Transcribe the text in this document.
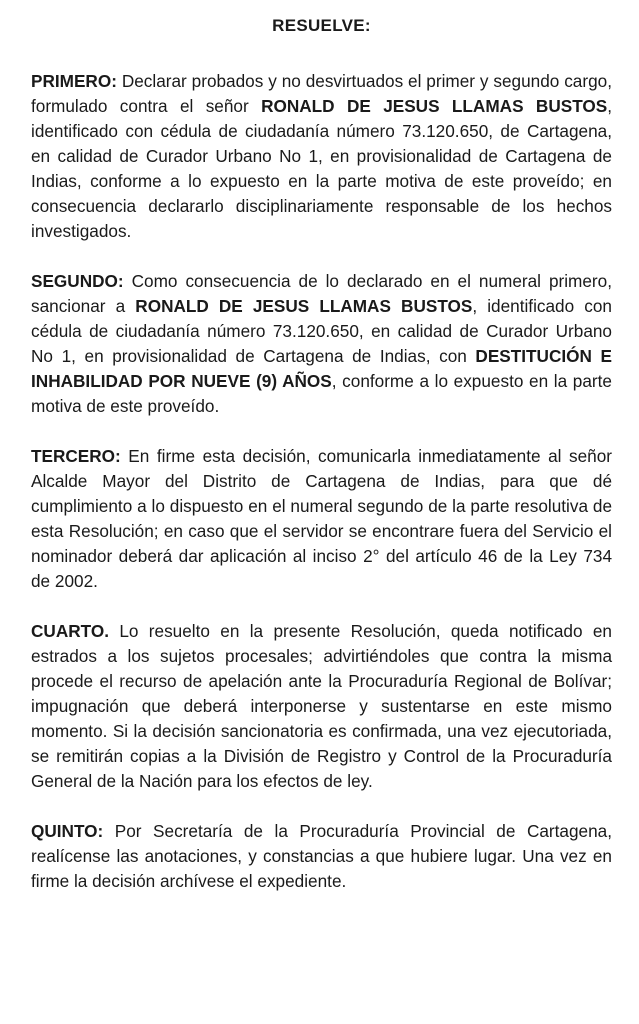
RESUELVE:

PRIMERO: Declarar probados y no desvirtuados el primer y segundo cargo, formulado contra el señor RONALD DE JESUS LLAMAS BUSTOS, identificado con cédula de ciudadanía número 73.120.650, de Cartagena, en calidad de Curador Urbano No 1, en provisionalidad de Cartagena de Indias, conforme a lo expuesto en la parte motiva de este proveído; en consecuencia declararlo disciplinariamente responsable de los hechos investigados.

SEGUNDO: Como consecuencia de lo declarado en el numeral primero, sancionar a RONALD DE JESUS LLAMAS BUSTOS, identificado con cédula de ciudadanía número 73.120.650, en calidad de Curador Urbano No 1, en provisionalidad de Cartagena de Indias, con DESTITUCIÓN E INHABILIDAD POR NUEVE (9) AÑOS, conforme a lo expuesto en la parte motiva de este proveído.

TERCERO: En firme esta decisión, comunicarla inmediatamente al señor Alcalde Mayor del Distrito de Cartagena de Indias, para que dé cumplimiento a lo dispuesto en el numeral segundo de la parte resolutiva de esta Resolución; en caso que el servidor se encontrare fuera del Servicio el nominador deberá dar aplicación al inciso 2° del artículo 46 de la Ley 734 de 2002.

CUARTO. Lo resuelto en la presente Resolución, queda notificado en estrados a los sujetos procesales; advirtiéndoles que contra la misma procede el recurso de apelación ante la Procuraduría Regional de Bolívar; impugnación que deberá interponerse y sustentarse en este mismo momento. Si la decisión sancionatoria es confirmada, una vez ejecutoriada, se remitirán copias a la División de Registro y Control de la Procuraduría General de la Nación para los efectos de ley.

QUINTO: Por Secretaría de la Procuraduría Provincial de Cartagena, realícense las anotaciones, y constancias a que hubiere lugar. Una vez en firme la decisión archívese el expediente.
